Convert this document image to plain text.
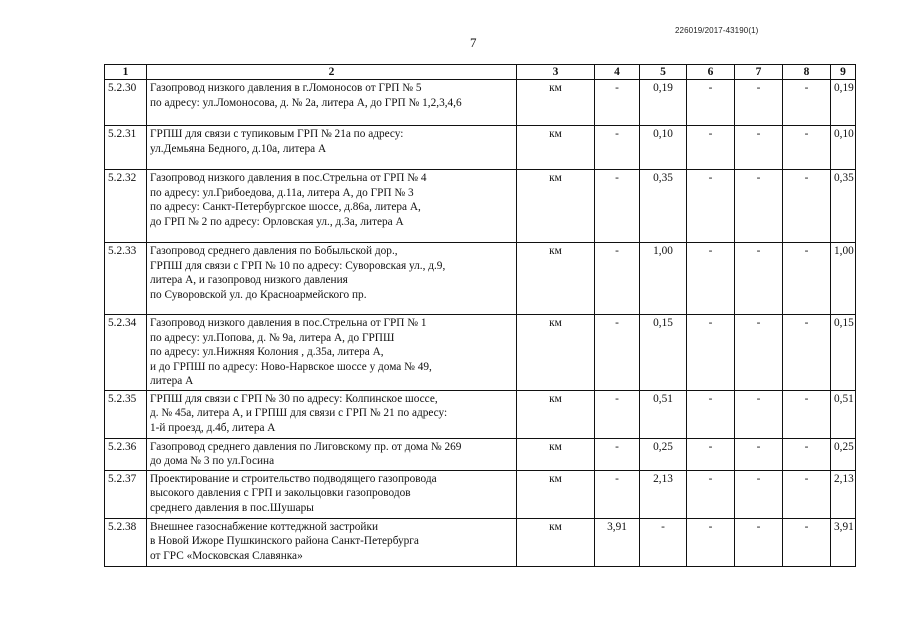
226019/2017-43190(1)
7
1	2	3	4	5	6	7	8	9
5.2.30	Газопровод низкого давления в г.Ломоносов от ГРП № 5
по адресу: ул.Ломоносова, д. № 2а, литера А, до ГРП № 1,2,3,4,6	км	-	0,19	-	-	-	0,19
5.2.31	ГРПШ для связи с тупиковым ГРП № 21а по адресу:
ул.Демьяна Бедного, д.10а, литера А	км	-	0,10	-	-	-	0,10
5.2.32	Газопровод низкого давления в пос.Стрельна от ГРП № 4
по адресу: ул.Грибоедова, д.11а, литера А, до ГРП № 3
по адресу: Санкт-Петербургское шоссе, д.86а, литера А,
до ГРП № 2 по адресу: Орловская ул., д.3а, литера А	км	-	0,35	-	-	-	0,35
5.2.33	Газопровод среднего давления по Бобыльской дор.,
ГРПШ для связи с ГРП № 10 по адресу: Суворовская ул., д.9,
литера А, и газопровод низкого давления
по Суворовской ул. до Красноармейского пр.	км	-	1,00	-	-	-	1,00
5.2.34	Газопровод низкого давления в пос.Стрельна от ГРП № 1
по адресу: ул.Попова, д. № 9а, литера А, до ГРПШ
по адресу: ул.Нижняя Колония , д.35а, литера А,
и до ГРПШ по адресу: Ново-Нарвское шоссе у дома № 49,
литера А	км	-	0,15	-	-	-	0,15
5.2.35	ГРПШ для связи с ГРП № 30 по адресу: Колпинское шоссе,
д. № 45а, литера А, и ГРПШ для связи с ГРП № 21 по адресу:
1-й проезд, д.4б, литера А	км	-	0,51	-	-	-	0,51
5.2.36	Газопровод среднего давления по Лиговскому пр. от дома № 269
до дома № 3 по ул.Госина	км	-	0,25	-	-	-	0,25
5.2.37	Проектирование и строительство подводящего газопровода
высокого давления с ГРП и закольцовки газопроводов
среднего давления в пос.Шушары	км	-	2,13	-	-	-	2,13
5.2.38	Внешнее газоснабжение коттеджной застройки
в Новой Ижоре Пушкинского района Санкт-Петербурга
от ГРС «Московская Славянка»	км	3,91	-	-	-	-	3,91
